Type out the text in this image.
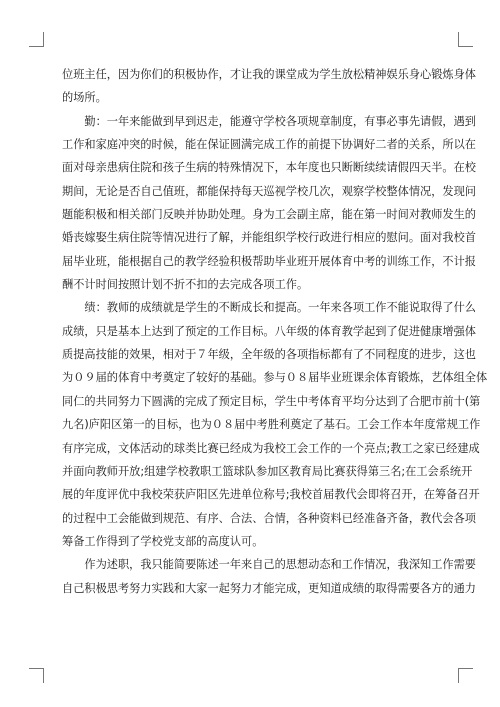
位班主任，因为你们的积极协作，才让我的课堂成为学生放松精神娱乐身心锻炼身体
的场所。
　　勤：一年来能做到早到迟走，能遵守学校各项规章制度，有事必事先请假，遇到
工作和家庭冲突的时候，能在保证圆满完成工作的前提下协调好二者的关系，所以在
面对母亲患病住院和孩子生病的特殊情况下，本年度也只断断续续请假四天半。在校
期间，无论是否自己值班，都能保持每天巡视学校几次，观察学校整体情况，发现问
题能积极和相关部门反映并协助处理。身为工会副主席，能在第一时间对教师发生的
婚丧嫁娶生病住院等情况进行了解，并能组织学校行政进行相应的慰问。面对我校首
届毕业班，能根据自己的教学经验积极帮助毕业班开展体育中考的训练工作，不计报
酬不计时间按照计划不折不扣的去完成各项工作。
　　绩：教师的成绩就是学生的不断成长和提高。一年来各项工作不能说取得了什么
成绩，只是基本上达到了预定的工作目标。八年级的体育教学起到了促进健康增强体
质提高技能的效果，相对于７年级，全年级的各项指标都有了不同程度的进步，这也
为０９届的体育中考奠定了较好的基础。参与０８届毕业班课余体育锻炼，艺体组全体
同仁的共同努力下圆满的完成了预定目标，学生中考体育平均分达到了合肥市前十(第
九名)庐阳区第一的目标，也为０８届中考胜利奠定了基石。工会工作本年度常规工作
有序完成，文体活动的球类比赛已经成为我校工会工作的一个亮点;教工之家已经建成
并面向教师开放;组建学校教职工篮球队参加区教育局比赛获得第三名;在工会系统开
展的年度评优中我校荣获庐阳区先进单位称号;我校首届教代会即将召开，在筹备召开
的过程中工会能做到规范、有序、合法、合情，各种资料已经准备齐备，教代会各项
筹备工作得到了学校党支部的高度认可。
　　作为述职，我只能简要陈述一年来自己的思想动态和工作情况，我深知工作需要
自己积极思考努力实践和大家一起努力才能完成，更知道成绩的取得需要各方的通力
